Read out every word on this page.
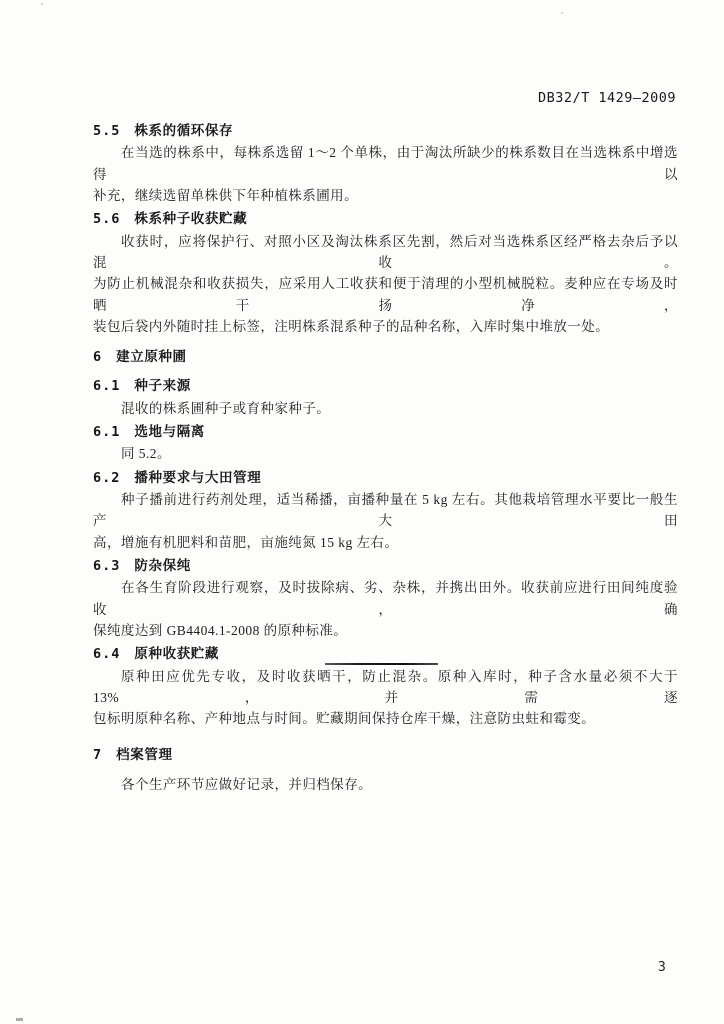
DB32/T 1429—2009
5.5 株系的循环保存
在当选的株系中，每株系选留 1～2 个单株，由于淘汰所缺少的株系数目在当选株系中增选得以
补充，继续选留单株供下年种植株系圃用。
5.6 株系种子收获贮藏
收获时，应将保护行、对照小区及淘汰株系区先割，然后对当选株系区经严格去杂后予以混收。
为防止机械混杂和收获损失，应采用人工收获和便于清理的小型机械脱粒。麦种应在专场及时晒干扬净，
装包后袋内外随时挂上标签，注明株系混系种子的品种名称，入库时集中堆放一处。
6 建立原种圃
6.1 种子来源
混收的株系圃种子或育种家种子。
6.1 选地与隔离
同 5.2。
6.2 播种要求与大田管理
种子播前进行药剂处理，适当稀播，亩播种量在 5 kg 左右。其他栽培管理水平要比一般生产大田
高，增施有机肥料和苗肥，亩施纯氮 15 kg 左右。
6.3 防杂保纯
在各生育阶段进行观察，及时拔除病、劣、杂株，并携出田外。收获前应进行田间纯度验收，确
保纯度达到 GB4404.1-2008 的原种标准。
6.4 原种收获贮藏
原种田应优先专收，及时收获晒干，防止混杂。原种入库时，种子含水量必须不大于 13%，并需逐
包标明原种名称、产种地点与时间。贮藏期间保持仓库干燥，注意防虫蛀和霉变。
7 档案管理
各个生产环节应做好记录，并归档保存。
3
